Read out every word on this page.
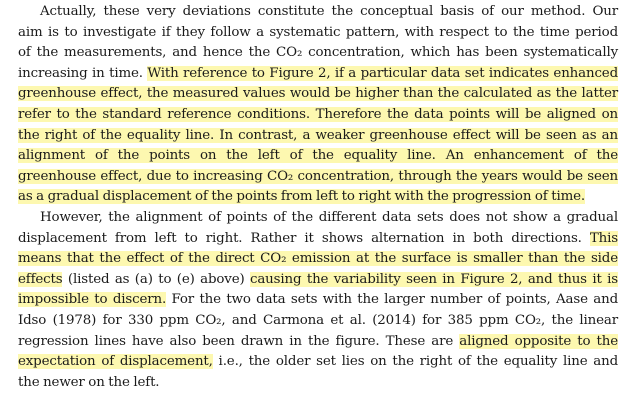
Actually, these very deviations constitute the conceptual basis of our method. Our
aim is to investigate if they follow a systematic pattern, with respect to the time period
of the measurements, and hence the CO₂ concentration, which has been systematically
increasing in time. With reference to Figure 2, if a particular data set indicates enhanced
greenhouse effect, the measured values would be higher than the calculated as the latter
refer to the standard reference conditions. Therefore the data points will be aligned on
the right of the equality line. In contrast, a weaker greenhouse effect will be seen as an
alignment of the points on the left of the equality line. An enhancement of the
greenhouse effect, due to increasing CO₂ concentration, through the years would be seen
as a gradual displacement of the points from left to right with the progression of time.
However, the alignment of points of the different data sets does not show a gradual
displacement from left to right. Rather it shows alternation in both directions. This
means that the effect of the direct CO₂ emission at the surface is smaller than the side
effects (listed as (a) to (e) above) causing the variability seen in Figure 2, and thus it is
impossible to discern. For the two data sets with the larger number of points, Aase and
Idso (1978) for 330 ppm CO₂, and Carmona et al. (2014) for 385 ppm CO₂, the linear
regression lines have also been drawn in the figure. These are aligned opposite to the
expectation of displacement, i.e., the older set lies on the right of the equality line and
the newer on the left.
